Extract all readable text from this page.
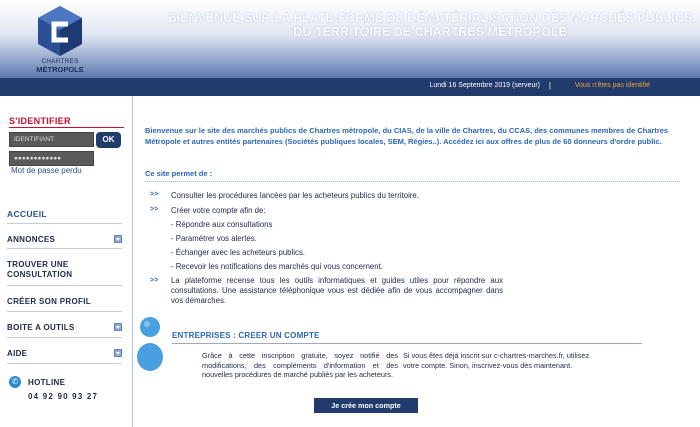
CHARTRES
MÉTROPOLE
BIENVENUE SUR LA PLATE-FORME DE DÉMATÉRIALISATION DES MARCHÉS PUBLICS
DU TERRITOIRE DE CHARTRES MÉTROPOLE
Lundi 16 Septembre 2019 (serveur) |	Vous n'êtes pas identifié
S'IDENTIFIER
IDENTIFIANT
●●●●●●●●●●●●
OK
Mot de passe perdu
ACCUEIL
ANNONCES
TROUVER UNE
CONSULTATION
CRÉER SON PROFIL
BOITE A OUTILS
AIDE
✆	HOTLINE
04 92 90 93 27
Bienvenue sur le site des marchés publics de Chartres métropole, du CIAS, de la ville de Chartres, du CCAS, des communes membres de Chartres Métropole et autres entités partenaires (Sociétés publiques locales, SEM, Régies..). Accédez ici aux offres de plus de 60 donneurs d'ordre public.
Ce site permet de :
>> Consulter les procédures lancées par les acheteurs publics du territoire.
>> Créer votre compte afin de:
- Répondre aux consultations
- Paramétrer vos alertes.
- Échanger avec les acheteurs publics.
- Recevoir les notifications des marchés qui vous concernent.
>> La plateforme recense tous les outils informatiques et guides utiles pour répondre aux consultations. Une assistance téléphonique vous est dédiée afin de vous accompagner dans vos démarches.
ENTREPRISES : CREER UN COMPTE
Grâce à cette inscription gratuite, soyez notifié des modifications, des compléments d'information et des nouvelles procédures de marché publiés par les acheteurs.
Si vous êtes déjà inscrit sur c-chartres-marches.fr, utilisez votre compte. Sinon, inscrivez-vous dès maintenant.
Je crée mon compte
